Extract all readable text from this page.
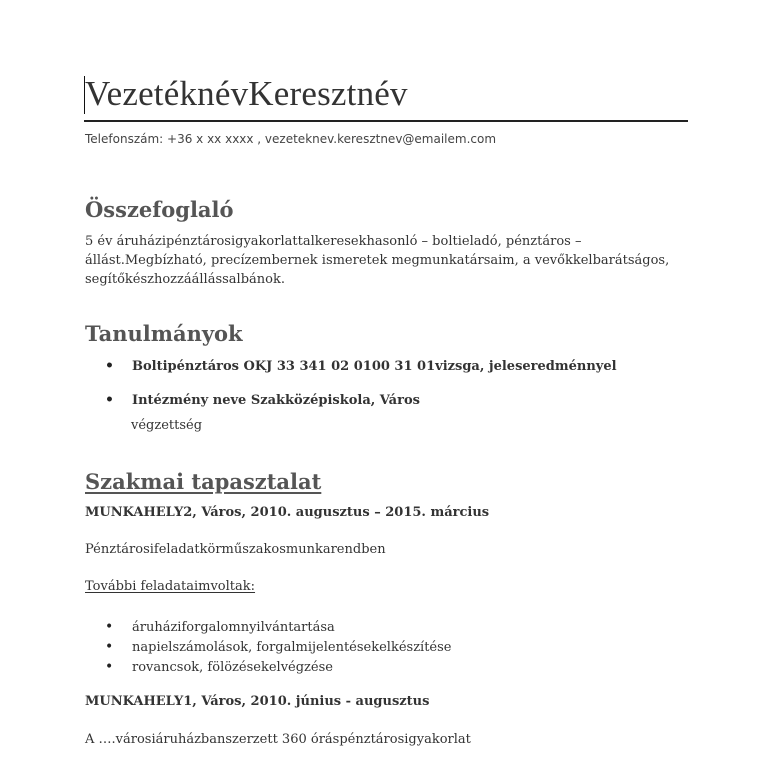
VezetéknévKeresztnév
Telefonszám: +36 x xx xxxx , vezeteknev.keresztnev@emailem.com
Összefoglaló
5 év áruházipénztárosigyakorlattalkeresekhasonló – boltieladó, pénztáros – állást.Megbízható, precízembernek ismeretek megmunkatársaim, a vevőkkelbarátságos, segítőkészhozzáállássalbánok.
Tanulmányok
• Boltipénztáros OKJ 33 341 02 0100 31 01vizsga, jeleseredménnyel
• Intézmény neve Szakközépiskola, Város
végzettség
Szakmai tapasztalat
MUNKAHELY2, Város, 2010. augusztus – 2015. március
Pénztárosifeladatkörműszakosmunkarendben
További feladataimvoltak:
• áruháziforgalomnyilvántartása
• napielszámolások, forgalmijelentésekelkészítése
• rovancsok, fölözésekelvégzése
MUNKAHELY1, Város, 2010. június - augusztus
A ….városiáruházbanszerzett 360 óráspénztárosigyakorlat
